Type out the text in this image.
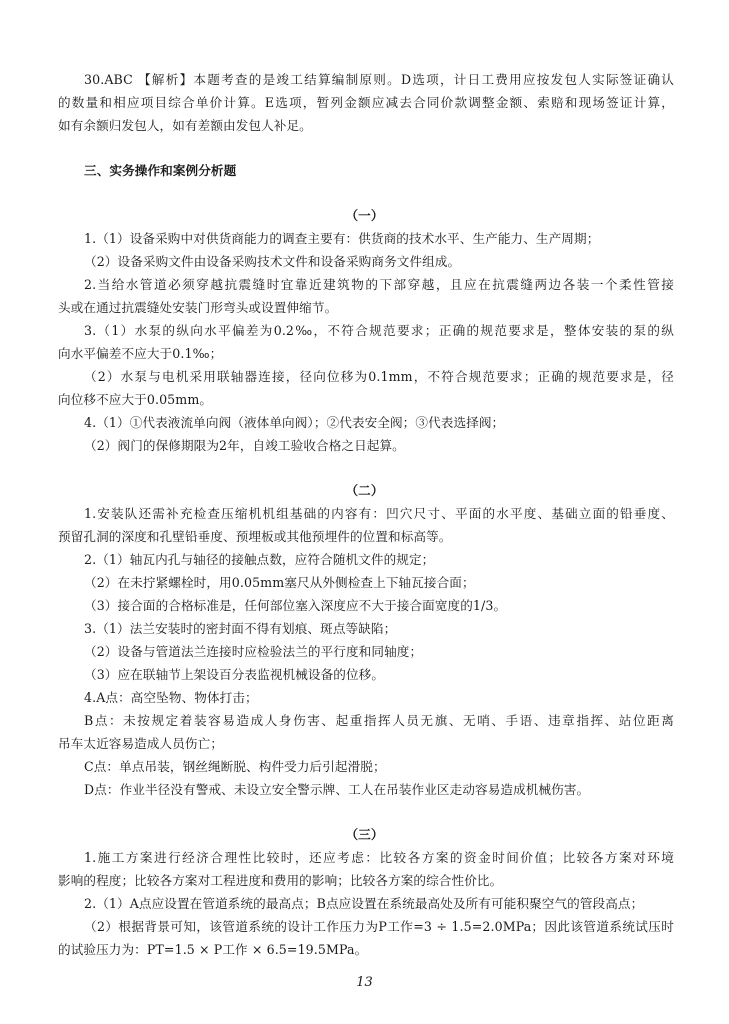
30.ABC 【解析】本题考查的是竣工结算编制原则。D选项，计日工费用应按发包人实际签证确认
的数量和相应项目综合单价计算。E选项，暂列金额应减去合同价款调整金额、索赔和现场签证计算，
如有余额归发包人，如有差额由发包人补足。
三、实务操作和案例分析题
（一）
1.（1）设备采购中对供货商能力的调查主要有：供货商的技术水平、生产能力、生产周期；
（2）设备采购文件由设备采购技术文件和设备采购商务文件组成。
2.当给水管道必须穿越抗震缝时宜靠近建筑物的下部穿越，且应在抗震缝两边各装一个柔性管接
头或在通过抗震缝处安装门形弯头或设置伸缩节。
3.（1）水泵的纵向水平偏差为0.2‰，不符合规范要求；正确的规范要求是，整体安装的泵的纵
向水平偏差不应大于0.1‰；
（2）水泵与电机采用联轴器连接，径向位移为0.1mm，不符合规范要求；正确的规范要求是，径
向位移不应大于0.05mm。
4.（1）①代表液流单向阀（液体单向阀）；②代表安全阀；③代表选择阀；
（2）阀门的保修期限为2年，自竣工验收合格之日起算。
（二）
1.安装队还需补充检查压缩机机组基础的内容有：凹穴尺寸、平面的水平度、基础立面的铅垂度、
预留孔洞的深度和孔壁铅垂度、预埋板或其他预埋件的位置和标高等。
2.（1）轴瓦内孔与轴径的接触点数，应符合随机文件的规定；
（2）在未拧紧螺栓时，用0.05mm塞尺从外侧检查上下轴瓦接合面；
（3）接合面的合格标准是，任何部位塞入深度应不大于接合面宽度的1/3。
3.（1）法兰安装时的密封面不得有划痕、斑点等缺陷；
（2）设备与管道法兰连接时应检验法兰的平行度和同轴度；
（3）应在联轴节上架设百分表监视机械设备的位移。
4.A点：高空坠物、物体打击；
B点：未按规定着装容易造成人身伤害、起重指挥人员无旗、无哨、手语、违章指挥、站位距离
吊车太近容易造成人员伤亡；
C点：单点吊装，钢丝绳断脱、构件受力后引起滑脱；
D点：作业半径没有警戒、未设立安全警示牌、工人在吊装作业区走动容易造成机械伤害。
（三）
1.施工方案进行经济合理性比较时，还应考虑：比较各方案的资金时间价值；比较各方案对环境
影响的程度；比较各方案对工程进度和费用的影响；比较各方案的综合性价比。
2.（1）A点应设置在管道系统的最高点；B点应设置在系统最高处及所有可能积聚空气的管段高点；
（2）根据背景可知，该管道系统的设计工作压力为P工作=3 ÷ 1.5=2.0MPa；因此该管道系统试压时
的试验压力为：PT=1.5 × P工作 × 6.5=19.5MPa。
13
